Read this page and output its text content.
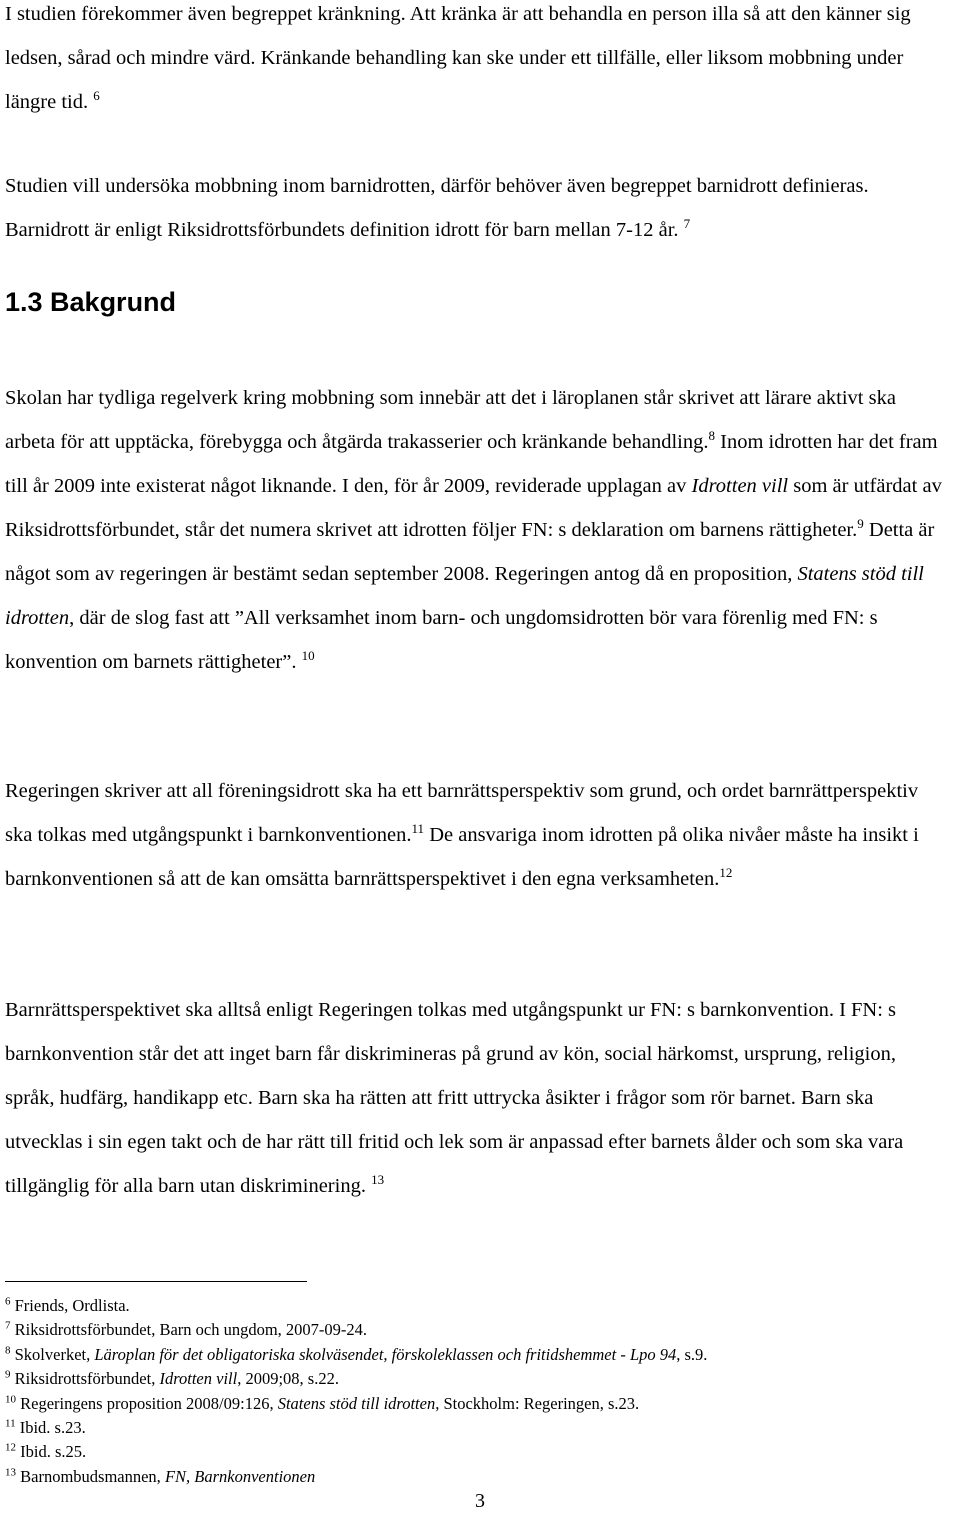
I studien förekommer även begreppet kränkning. Att kränka är att behandla en person illa så att den känner sig ledsen, sårad och mindre värd. Kränkande behandling kan ske under ett tillfälle, eller liksom mobbning under längre tid. $^6$

Studien vill undersöka mobbning inom barnidrotten, därför behöver även begreppet barnidrott definieras. Barnidrott är enligt Riksidrottsförbundets definition idrott för barn mellan 7-12 år. $^7$

1.3 Bakgrund

Skolan har tydliga regelverk kring mobbning som innebär att det i läroplanen står skrivet att lärare aktivt ska arbeta för att upptäcka, förebygga och åtgärda trakasserier och kränkande behandling.$^8$ Inom idrotten har det fram till år 2009 inte existerat något liknande. I den, för år 2009, reviderade upplagan av Idrotten vill som är utfärdat av Riksidrottsförbundet, står det numera skrivet att idrotten följer FN: s deklaration om barnens rättigheter.$^9$ Detta är något som av regeringen är bestämt sedan september 2008. Regeringen antog då en proposition, Statens stöd till idrotten, där de slog fast att ”All verksamhet inom barn- och ungdomsidrotten bör vara förenlig med FN: s konvention om barnets rättigheter”. $^{10}$

Regeringen skriver att all föreningsidrott ska ha ett barnrättsperspektiv som grund, och ordet barnrättperspektiv ska tolkas med utgångspunkt i barnkonventionen.$^{11}$ De ansvariga inom idrotten på olika nivåer måste ha insikt i barnkonventionen så att de kan omsätta barnrättsperspektivet i den egna verksamheten.$^{12}$

Barnrättsperspektivet ska alltså enligt Regeringen tolkas med utgångspunkt ur FN: s barnkonvention. I FN: s barnkonvention står det att inget barn får diskrimineras på grund av kön, social härkomst, ursprung, religion, språk, hudfärg, handikapp etc. Barn ska ha rätten att fritt uttrycka åsikter i frågor som rör barnet. Barn ska utvecklas i sin egen takt och de har rätt till fritid och lek som är anpassad efter barnets ålder och som ska vara tillgänglig för alla barn utan diskriminering. $^{13}$

$^6$ Friends, Ordlista.
$^7$ Riksidrottsförbundet, Barn och ungdom, 2007-09-24.
$^8$ Skolverket, Läroplan för det obligatoriska skolväsendet, förskoleklassen och fritidshemmet - Lpo 94, s.9.
$^9$ Riksidrottsförbundet, Idrotten vill, 2009;08, s.22.
$^{10}$ Regeringens proposition 2008/09:126, Statens stöd till idrotten, Stockholm: Regeringen, s.23.
$^{11}$ Ibid. s.23.
$^{12}$ Ibid. s.25.
$^{13}$ Barnombudsmannen, FN, Barnkonventionen
3
